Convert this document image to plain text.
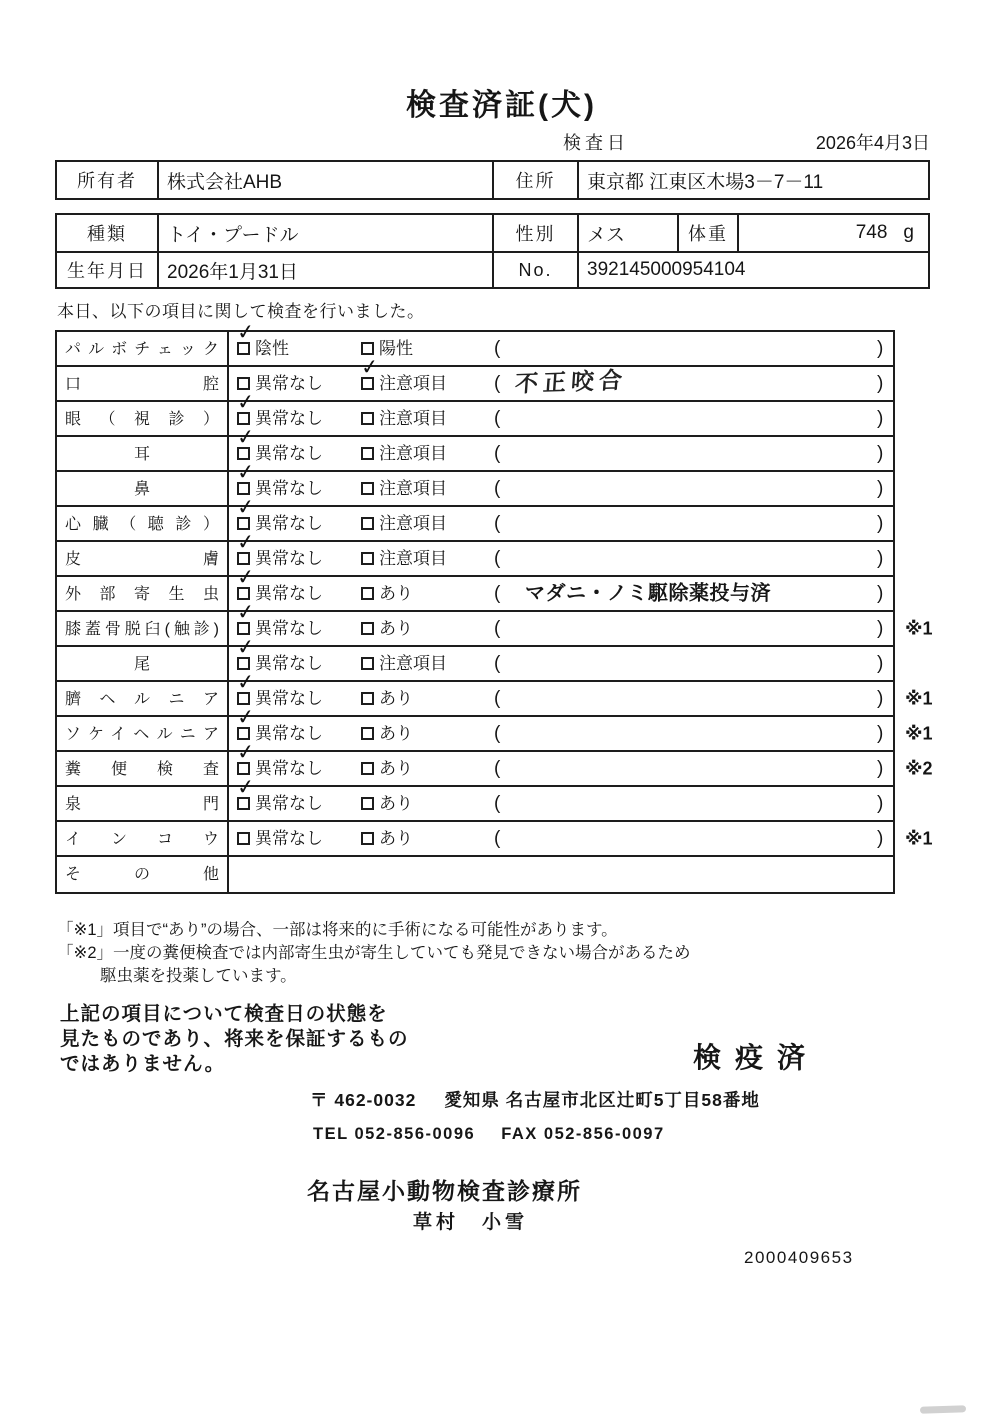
検査済証(犬)
検査日	2026年4月3日
所有者	株式会社AHB	住所	東京都 江東区木場3－7－11
種類	トイ・プードル	性別	メス	体重	748 g
生年月日	2026年1月31日	No.	392145000954104
本日、以下の項目に関して検査を行いました。
パルボチェック ✓	陰性	陽性	(	)
口腔	異常なし ✓	注意項目 ( 不正咬合	)
眼（視診） ✓	異常なし	注意項目 (	)
耳 ✓	異常なし	注意項目 (	)
鼻 ✓	異常なし	注意項目 (	)
心臓（聴診） ✓	異常なし	注意項目 (	)
皮膚 ✓	異常なし	注意項目 (	)
外部寄生虫 ✓	異常なし	あり	( マダニ・ノミ駆除薬投与済	)
膝蓋骨脱臼(触診) ✓	異常なし	あり	(	) ※1
尾 ✓	異常なし	注意項目 (	)
臍ヘルニア ✓	異常なし	あり	(	) ※1
ソケイヘルニア ✓	異常なし	あり	(	) ※1
糞便検査 ✓	異常なし	あり	(	) ※2
泉門 ✓	異常なし	あり	(	)
インコウ	異常なし	あり	(	) ※1
その他
「※1」項目で“あり”の場合、一部は将来的に手術になる可能性があります。
「※2」一度の糞便検査では内部寄生虫が寄生していても発見できない場合があるため
駆虫薬を投薬しています。
上記の項目について検査日の状態を
見たものであり、将来を保証するもの
ではありません。	検疫済
〒 462-0032 愛知県 名古屋市北区辻町5丁目58番地
TEL 052-856-0096 FAX 052-856-0097
名古屋小動物検査診療所
草村　小雪
2000409653
